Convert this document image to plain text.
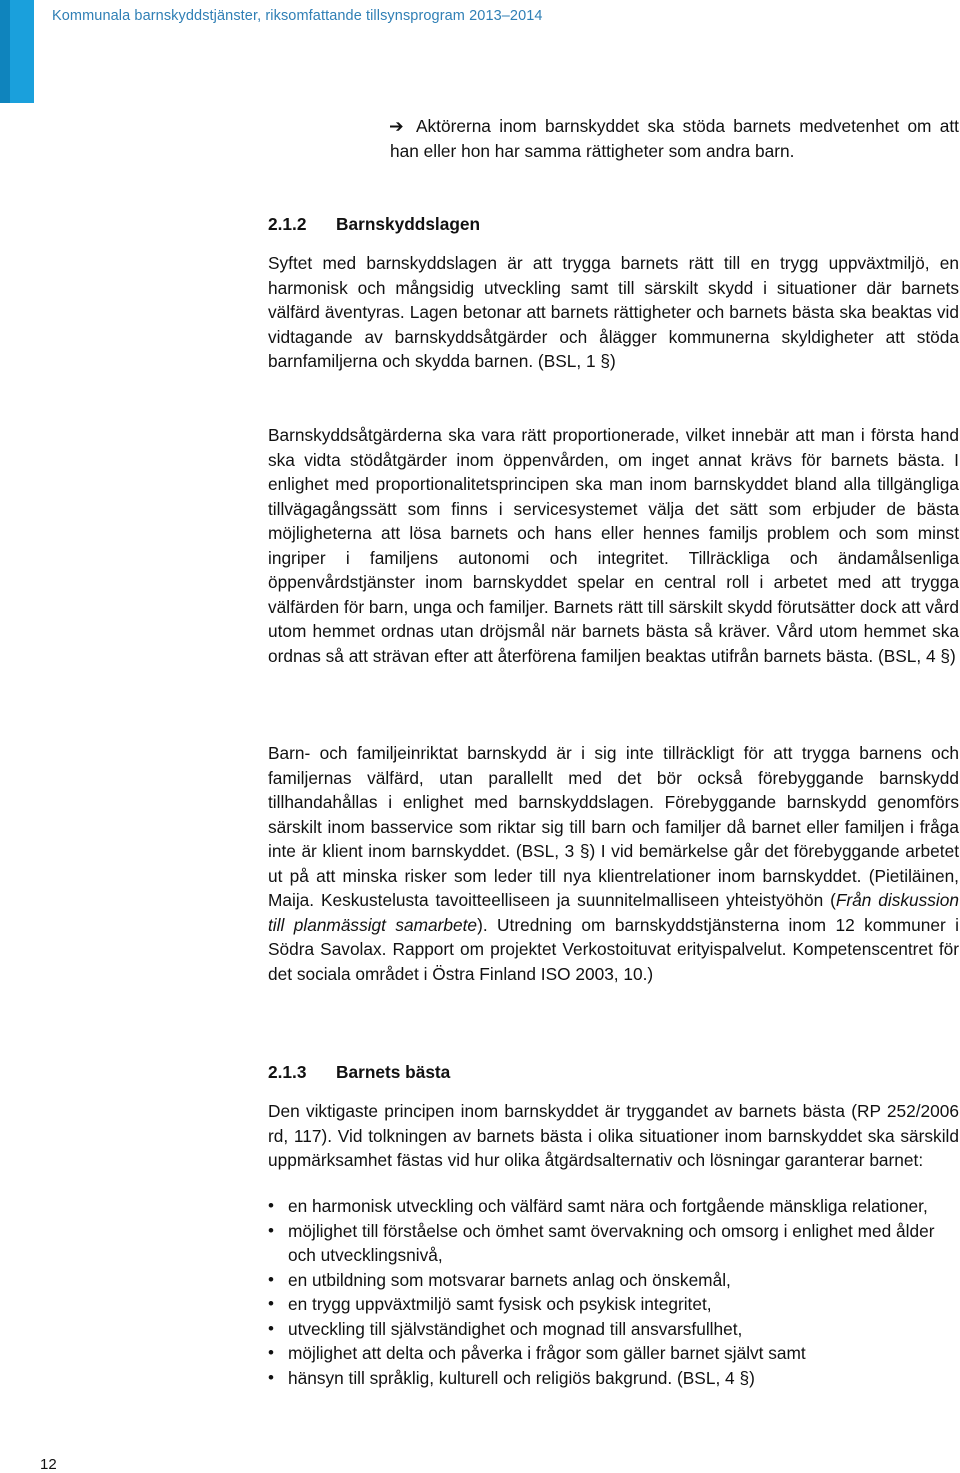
Kommunala barnskyddstjänster, riksomfattande tillsynsprogram 2013–2014
➔ Aktörerna inom barnskyddet ska stöda barnets medvetenhet om att han eller hon har samma rättigheter som andra barn.
2.1.2 Barnskyddslagen

Syftet med barnskyddslagen är att trygga barnets rätt till en trygg uppväxtmiljö, en harmonisk och mångsidig utveckling samt till särskilt skydd i situationer där barnets välfärd äventyras. Lagen betonar att barnets rättigheter och barnets bästa ska beaktas vid vidtagande av barnskyddsåtgärder och ålägger kommunerna skyldigheter att stöda barnfamiljerna och skydda barnen. (BSL, 1 §)

Barnskyddsåtgärderna ska vara rätt proportionerade, vilket innebär att man i första hand ska vidta stödåtgärder inom öppenvården, om inget annat krävs för barnets bästa. I enlighet med proportionalitetsprincipen ska man inom barnskyddet bland alla tillgängliga tillvägagångssätt som finns i servicesystemet välja det sätt som erbjuder de bästa möjligheterna att lösa barnets och hans eller hennes familjs problem och som minst ingriper i familjens autonomi och integritet. Tillräckliga och ändamålsenliga öppenvårdstjänster inom barnskyddet spelar en central roll i arbetet med att trygga välfärden för barn, unga och familjer. Barnets rätt till särskilt skydd förutsätter dock att vård utom hemmet ordnas utan dröjsmål när barnets bästa så kräver. Vård utom hemmet ska ordnas så att strävan efter att återförena familjen beaktas utifrån barnets bästa. (BSL, 4 §)

Barn- och familjeinriktat barnskydd är i sig inte tillräckligt för att trygga barnens och familjernas välfärd, utan parallellt med det bör också förebyggande barnskydd tillhandahållas i enlighet med barnskyddslagen. Förebyggande barnskydd genomförs särskilt inom basservice som riktar sig till barn och familjer då barnet eller familjen i fråga inte är klient inom barnskyddet. (BSL, 3 §) I vid bemärkelse går det förebyggande arbetet ut på att minska risker som leder till nya klientrelationer inom barnskyddet. (Pietiläinen, Maija. Keskustelusta tavoitteelliseen ja suunnitelmalliseen yhteistyöhön (Från diskussion till planmässigt samarbete). Utredning om barnskyddstjänsterna inom 12 kommuner i Södra Savolax. Rapport om projektet Verkostoituvat erityispalvelut. Kompetenscentret för det sociala området i Östra Finland ISO 2003, 10.)

2.1.3 Barnets bästa

Den viktigaste principen inom barnskyddet är tryggandet av barnets bästa (RP 252/2006 rd, 117). Vid tolkningen av barnets bästa i olika situationer inom barnskyddet ska särskild uppmärksamhet fästas vid hur olika åtgärdsalternativ och lösningar garanterar barnet:

• en harmonisk utveckling och välfärd samt nära och fortgående mänskliga relationer,
• möjlighet till förståelse och ömhet samt övervakning och omsorg i enlighet med ålder och utvecklingsnivå,
• en utbildning som motsvarar barnets anlag och önskemål,
• en trygg uppväxtmiljö samt fysisk och psykisk integritet,
• utveckling till självständighet och mognad till ansvarsfullhet,
• möjlighet att delta och påverka i frågor som gäller barnet självt samt
• hänsyn till språklig, kulturell och religiös bakgrund. (BSL, 4 §)
12
